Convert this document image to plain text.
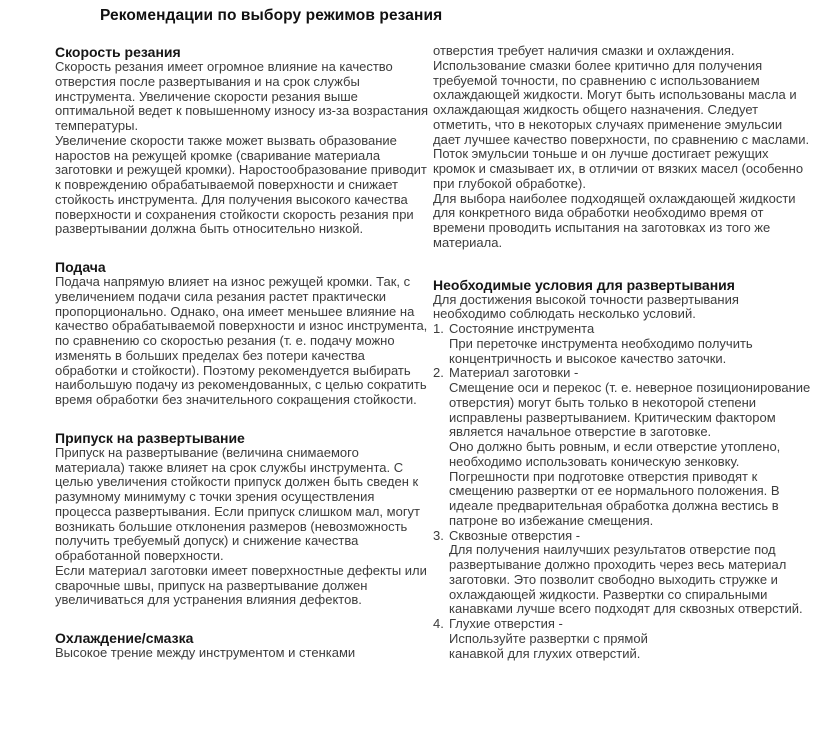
Рекомендации по выбору режимов резания
Скорость резания

Скорость резания имеет огромное влияние на качество отверстия после развертывания и на срок службы инструмента. Увеличение скорости резания выше оптимальной ведет к повышенному износу из-за возрастания температуры.

Увеличение скорости также может вызвать образование наростов на режущей кромке (сваривание материала заготовки и режущей кромки). Наростообразование приводит к повреждению обрабатываемой поверхности и снижает стойкость инструмента. Для получения высокого качества поверхности и сохранения стойкости скорость резания при развертывании должна быть относительно низкой.

Подача

Подача напрямую влияет на износ режущей кромки. Так, с увеличением подачи сила резания растет практически пропорционально. Однако, она имеет меньшее влияние на качество обрабатываемой поверхности и износ инструмента, по сравнению со скоростью резания (т. е. подачу можно изменять в больших пределах без потери качества обработки и стойкости). Поэтому рекомендуется выбирать наибольшую подачу из рекомендованных, с целью сократить время обработки без значительного сокращения стойкости.

Припуск на развертывание

Припуск на развертывание (величина снимаемого материала) также влияет на срок службы инструмента. С целью увеличения стойкости припуск должен быть сведен к разумному минимуму с точки зрения осуществления процесса развертывания. Если припуск слишком мал, могут возникать большие отклонения размеров (невозможность получить требуемый допуск) и снижение качества обработанной поверхности.

Если материал заготовки имеет поверхностные дефекты или сварочные швы, припуск на развертывание должен увеличиваться для устранения влияния дефектов.

Охлаждение/смазка

Высокое трение между инструментом и стенками

отверстия требует наличия смазки и охлаждения. Использование смазки более критично для получения требуемой точности, по сравнению с использованием охлаждающей жидкости. Могут быть использованы масла и охлаждающая жидкость общего назначения. Следует отметить, что в некоторых случаях применение эмульсии дает лучшее качество поверхности, по сравнению с маслами. Поток эмульсии тоньше и он лучше достигает режущих кромок и смазывает их, в отличии от вязких масел (особенно при глубокой обработке).

Для выбора наиболее подходящей охлаждающей жидкости для конкретного вида обработки необходимо время от времени проводить испытания на заготовках из того же материала.

Необходимые условия для развертывания

Для достижения высокой точности развертывания необходимо соблюдать несколько условий.

1. Состояние инструмента

При переточке инструмента необходимо получить концентричность и высокое качество заточки.

2. Материал заготовки -

Смещение оси и перекос (т. е. неверное позиционирование отверстия) могут быть только в некоторой степени исправлены развертыванием. Критическим фактором является начальное отверстие в заготовке.

Оно должно быть ровным, и если отверстие утоплено, необходимо использовать коническую зенковку. Погрешности при подготовке отверстия приводят к смещению развертки от ее нормального положения. В идеале предварительная обработка должна вестись в патроне во избежание смещения.

3. Сквозные отверстия -

Для получения наилучших результатов отверстие под развертывание должно проходить через весь материал заготовки. Это позволит свободно выходить стружке и охлаждающей жидкости. Развертки со спиральными канавками лучше всего подходят для сквозных отверстий.

4. Глухие отверстия -

Используйте развертки с прямой

канавкой для глухих отверстий.
